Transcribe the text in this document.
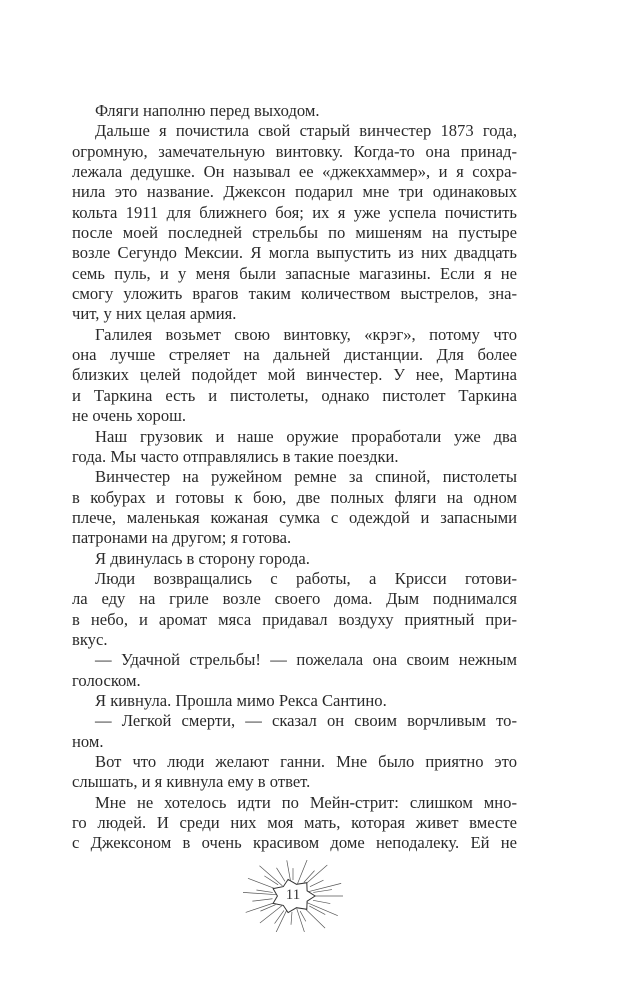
Фляги наполню перед выходом.
Дальше я почистила свой старый винчестер 1873 года,
огромную, замечательную винтовку. Когда-то она принад-
лежала дедушке. Он называл ее «джекхаммер», и я сохра-
нила это название. Джексон подарил мне три одинаковых
кольта 1911 для ближнего боя; их я уже успела почистить
после моей последней стрельбы по мишеням на пустыре
возле Сегундо Мексии. Я могла выпустить из них двадцать
семь пуль, и у меня были запасные магазины. Если я не
смогу уложить врагов таким количеством выстрелов, зна-
чит, у них целая армия.
Галилея возьмет свою винтовку, «крэг», потому что
она лучше стреляет на дальней дистанции. Для более
близких целей подойдет мой винчестер. У нее, Мартина
и Таркина есть и пистолеты, однако пистолет Таркина
не очень хорош.
Наш грузовик и наше оружие проработали уже два
года. Мы часто отправлялись в такие поездки.
Винчестер на ружейном ремне за спиной, пистолеты
в кобурах и готовы к бою, две полных фляги на одном
плече, маленькая кожаная сумка с одеждой и запасными
патронами на другом; я готова.
Я двинулась в сторону города.
Люди возвращались с работы, а Крисси готови-
ла еду на гриле возле своего дома. Дым поднимался
в небо, и аромат мяса придавал воздуху приятный при-
вкус.
— Удачной стрельбы! — пожелала она своим нежным
голоском.
Я кивнула. Прошла мимо Рекса Сантино.
— Легкой смерти, — сказал он своим ворчливым то-
ном.
Вот что люди желают ганни. Мне было приятно это
слышать, и я кивнула ему в ответ.
Мне не хотелось идти по Мейн-стрит: слишком мно-
го людей. И среди них моя мать, которая живет вместе
с Джексоном в очень красивом доме неподалеку. Ей не
11
